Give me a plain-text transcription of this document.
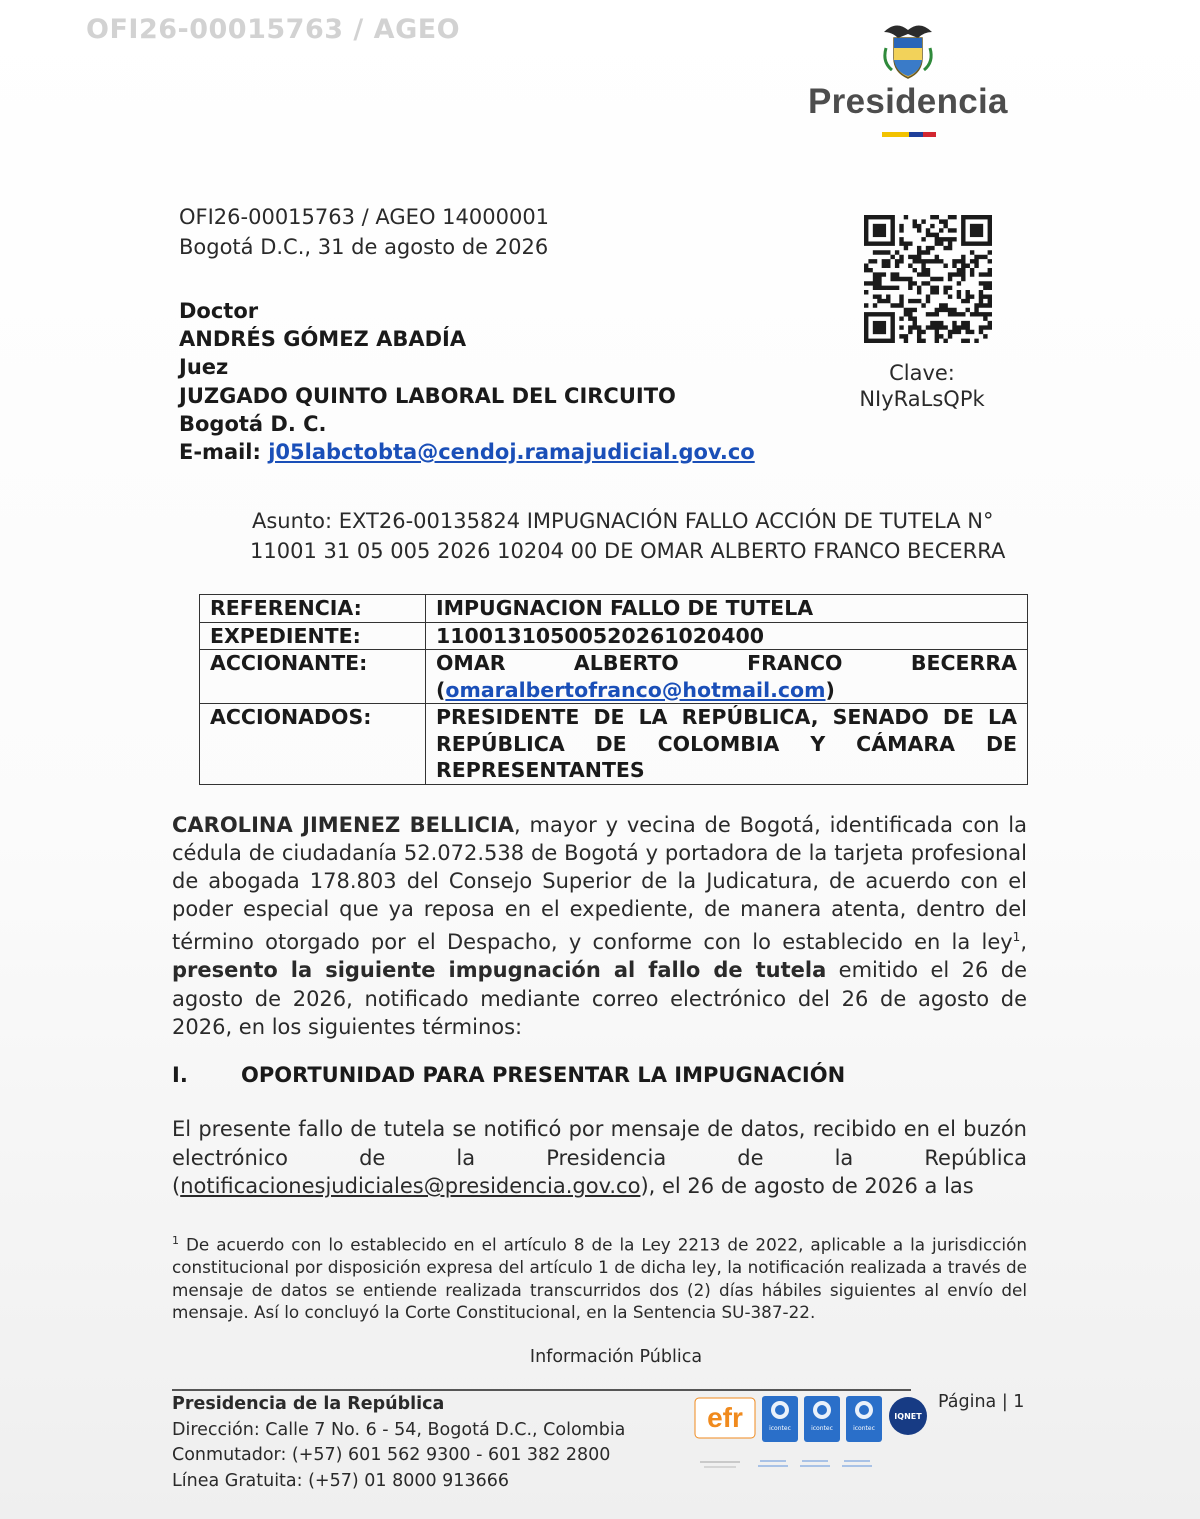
OFI26-00015763 / AGEO
Presidencia
OFI26-00015763 / AGEO 14000001
Bogotá D.C., 31 de agosto de 2026
Clave:
NIyRaLsQPk
Doctor
ANDRÉS GÓMEZ ABADÍA
Juez
JUZGADO QUINTO LABORAL DEL CIRCUITO
Bogotá D. C.
E-mail: j05labctobta@cendoj.ramajudicial.gov.co
Asunto: EXT26-00135824 IMPUGNACIÓN FALLO ACCIÓN DE TUTELA N°
11001 31 05 005 2026 10204 00 DE OMAR ALBERTO FRANCO BECERRA
REFERENCIA:	IMPUGNACION FALLO DE TUTELA
EXPEDIENTE:	11001310500520261020400
ACCIONANTE:	OMAR ALBERTO FRANCO BECERRA
(omaralbertofranco@hotmail.com)

ACCIONADOS:	PRESIDENTE DE LA REPÚBLICA, SENADO DE LA REPÚBLICA DE COLOMBIA Y CÁMARA DE REPRESENTANTES
CAROLINA JIMENEZ BELLICIA, mayor y vecina de Bogotá, identificada con la cédula de ciudadanía 52.072.538 de Bogotá y portadora de la tarjeta profesional de abogada 178.803 del Consejo Superior de la Judicatura, de acuerdo con el poder especial que ya reposa en el expediente, de manera atenta, dentro del término otorgado por el Despacho, y conforme con lo establecido en la ley$^1$, presento la siguiente impugnación al fallo de tutela emitido el 26 de agosto de 2026, notificado mediante correo electrónico del 26 de agosto de 2026, en los siguientes términos:
I.	OPORTUNIDAD PARA PRESENTAR LA IMPUGNACIÓN
El presente fallo de tutela se notificó por mensaje de datos, recibido en el buzón electrónico de la Presidencia de la República (notificacionesjudiciales@presidencia.gov.co), el 26 de agosto de 2026 a las
$^1$ De acuerdo con lo establecido en el artículo 8 de la Ley 2213 de 2022, aplicable a la jurisdicción constitucional por disposición expresa del artículo 1 de dicha ley, la notificación realizada a través de mensaje de datos se entiende realizada transcurridos dos (2) días hábiles siguientes al envío del mensaje. Así lo concluyó la Corte Constitucional, en la Sentencia SU-387-22.
Información Pública
Presidencia de la República
Dirección: Calle 7 No. 6 - 54, Bogotá D.C., Colombia
Conmutador: (+57) 601 562 9300 - 601 382 2800
Línea Gratuita: (+57) 01 8000 913666
Página | 1
efr	icontec	icontec	icontec
IQNET
